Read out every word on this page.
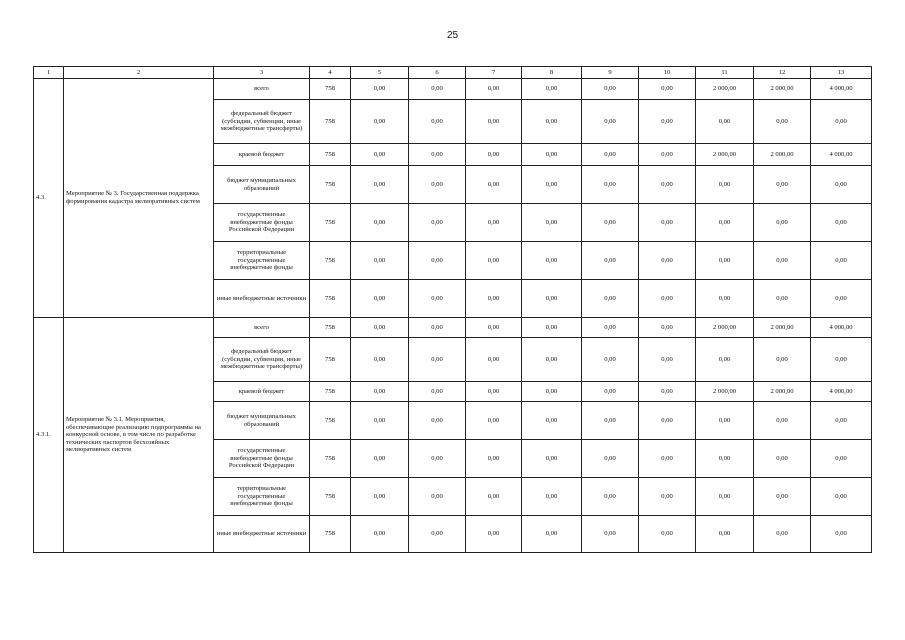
25
1	2	3	4	5	6	7	8	9	10	11	12	13
4.3.	Мероприятие № 3. Государственная поддержка формирования кадастра мелиоративных систем	всего	758	0,00	0,00	0,00	0,00	0,00	0,00	2 000,00	2 000,00	4 000,00
		федеральный бюджет (субсидии, субвенции, иные межбюджетные трансферты)	758	0,00	0,00	0,00	0,00	0,00	0,00	0,00	0,00	0,00
		краевой бюджет	758	0,00	0,00	0,00	0,00	0,00	0,00	2 000,00	2 000,00	4 000,00
		бюджет муниципальных образований	758	0,00	0,00	0,00	0,00	0,00	0,00	0,00	0,00	0,00
		государственные внебюджетные фонды Российской Федерации	758	0,00	0,00	0,00	0,00	0,00	0,00	0,00	0,00	0,00
		территориальные государственные внебюджетные фонды	758	0,00	0,00	0,00	0,00	0,00	0,00	0,00	0,00	0,00
		иные внебюджетные источники	758	0,00	0,00	0,00	0,00	0,00	0,00	0,00	0,00	0,00
4.3.1.	Мероприятие № 3.1. Мероприятия, обеспечивающие реализацию подпрограммы на конкурсной основе, в том числе по разработке технических паспортов бесхозяйных мелиоративных систем	всего	758	0,00	0,00	0,00	0,00	0,00	0,00	2 000,00	2 000,00	4 000,00
		федеральный бюджет (субсидии, субвенции, иные межбюджетные трансферты)	758	0,00	0,00	0,00	0,00	0,00	0,00	0,00	0,00	0,00
		краевой бюджет	758	0,00	0,00	0,00	0,00	0,00	0,00	2 000,00	2 000,00	4 000,00
		бюджет муниципальных образований	758	0,00	0,00	0,00	0,00	0,00	0,00	0,00	0,00	0,00
		государственные внебюджетные фонды Российской Федерации	758	0,00	0,00	0,00	0,00	0,00	0,00	0,00	0,00	0,00
		территориальные государственные внебюджетные фонды	758	0,00	0,00	0,00	0,00	0,00	0,00	0,00	0,00	0,00
		иные внебюджетные источники	758	0,00	0,00	0,00	0,00	0,00	0,00	0,00	0,00	0,00
